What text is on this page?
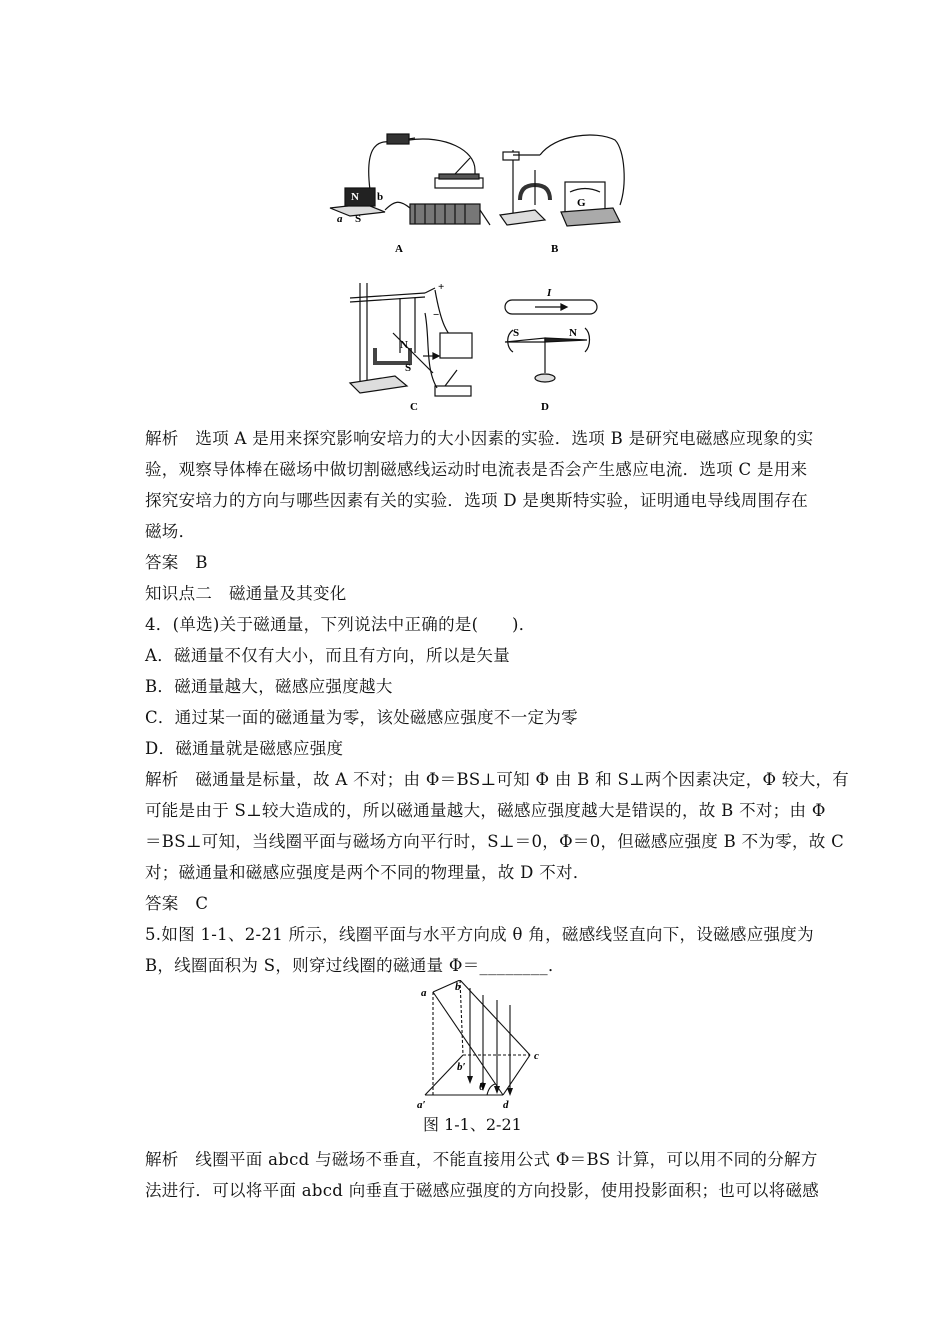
N b
a S
A
G
B
+
−
N
S
C
I
S	N
D
解析　选项 A 是用来探究影响安培力的大小因素的实验．选项 B 是研究电磁感应现象的实
验，观察导体棒在磁场中做切割磁感线运动时电流表是否会产生感应电流．选项 C 是用来
探究安培力的方向与哪些因素有关的实验．选项 D 是奥斯特实验，证明通电导线周围存在
磁场．
答案　B
知识点二　磁通量及其变化
4．(单选)关于磁通量，下列说法中正确的是(　　)．
A．磁通量不仅有大小，而且有方向，所以是矢量
B．磁通量越大，磁感应强度越大
C．通过某一面的磁通量为零，该处磁感应强度不一定为零
D．磁通量就是磁感应强度
解析　磁通量是标量，故 A 不对；由 Φ＝BS⊥可知 Φ 由 B 和 S⊥两个因素决定，Φ 较大，有
可能是由于 S⊥较大造成的，所以磁通量越大，磁感应强度越大是错误的，故 B 不对；由 Φ
＝BS⊥可知，当线圈平面与磁场方向平行时，S⊥＝0，Φ＝0，但磁感应强度 B 不为零，故 C
对；磁通量和磁感应强度是两个不同的物理量，故 D 不对．
答案　C
5.如图 1-1、2-21 所示，线圈平面与水平方向成 θ 角，磁感线竖直向下，设磁感应强度为
B，线圈面积为 S，则穿过线圈的磁通量 Φ＝________．
a	b
c
d
b′
a′
θ
图 1-1、2-21
解析　线圈平面 abcd 与磁场不垂直，不能直接用公式 Φ＝BS 计算，可以用不同的分解方
法进行．可以将平面 abcd 向垂直于磁感应强度的方向投影，使用投影面积；也可以将磁感
